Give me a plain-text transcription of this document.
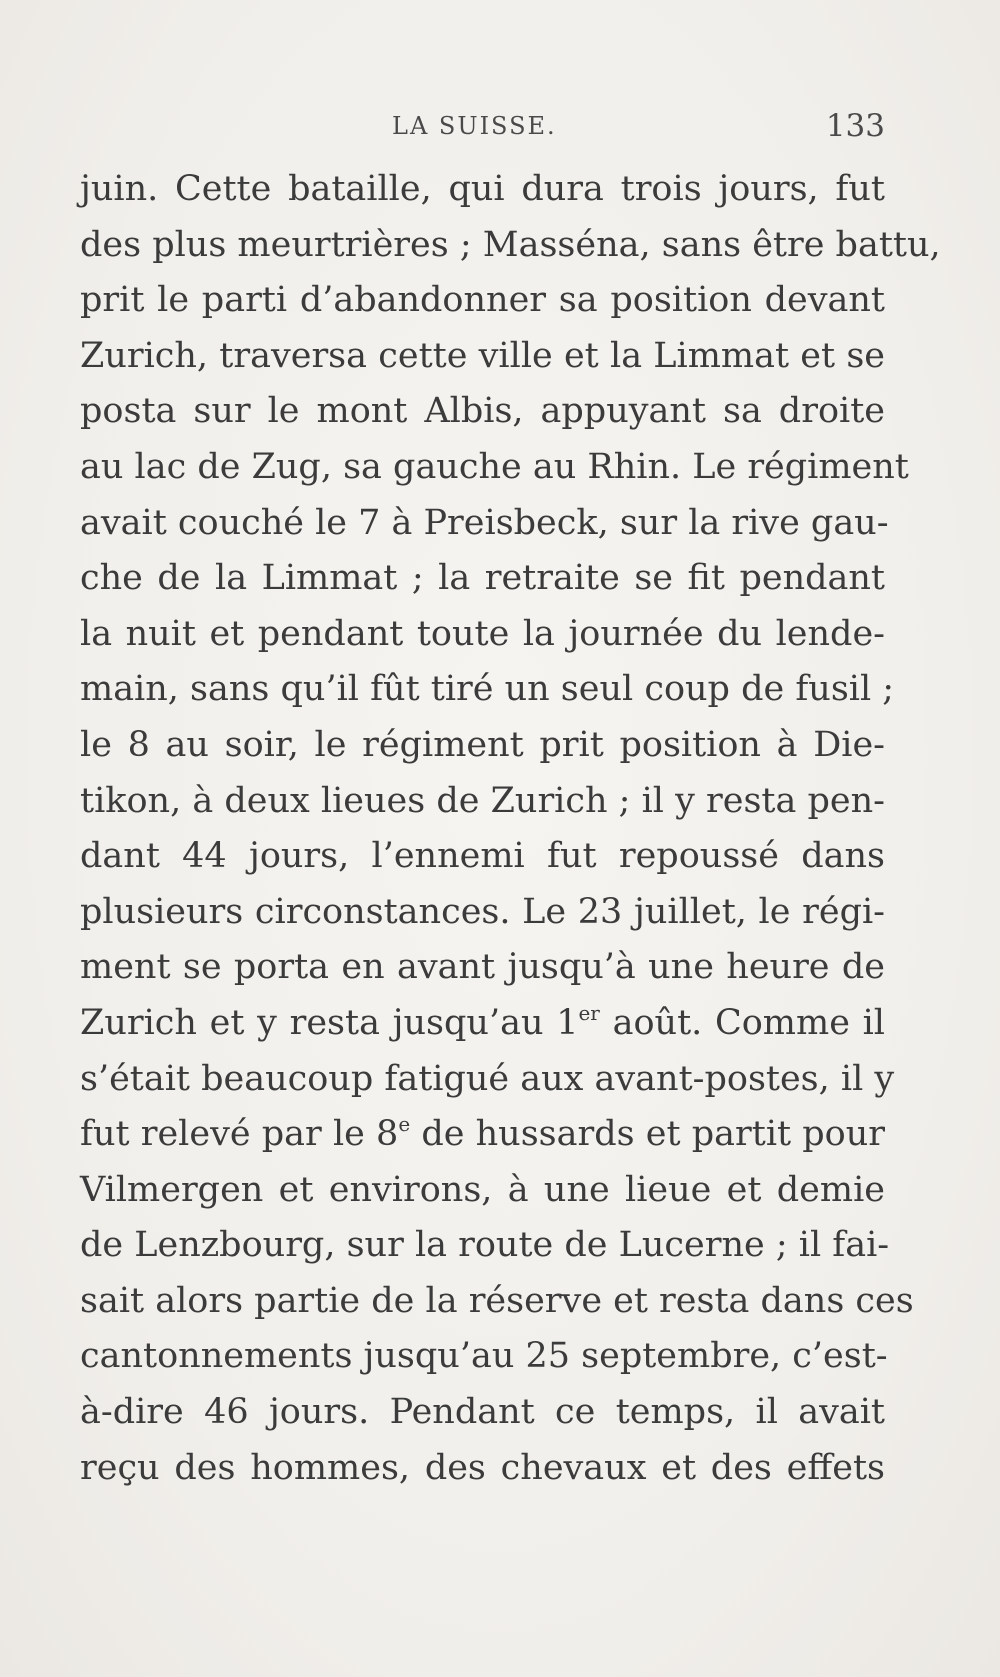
LA SUISSE.	133
juin. Cette bataille, qui dura trois jours, fut
des plus meurtrières ; Masséna, sans être battu,
prit le parti d’abandonner sa position devant
Zurich, traversa cette ville et la Limmat et se
posta sur le mont Albis, appuyant sa droite
au lac de Zug, sa gauche au Rhin. Le régiment
avait couché le 7 à Preisbeck, sur la rive gau-
che de la Limmat ; la retraite se fit pendant
la nuit et pendant toute la journée du lende-
main, sans qu’il fût tiré un seul coup de fusil ;
le 8 au soir, le régiment prit position à Die-
tikon, à deux lieues de Zurich ; il y resta pen-
dant 44 jours, l’ennemi fut repoussé dans
plusieurs circonstances. Le 23 juillet, le régi-
ment se porta en avant jusqu’à une heure de
Zurich et y resta jusqu’au 1er août. Comme il
s’était beaucoup fatigué aux avant-postes, il y
fut relevé par le 8e de hussards et partit pour
Vilmergen et environs, à une lieue et demie
de Lenzbourg, sur la route de Lucerne ; il fai-
sait alors partie de la réserve et resta dans ces
cantonnements jusqu’au 25 septembre, c’est-
à-dire 46 jours. Pendant ce temps, il avait
reçu des hommes, des chevaux et des effets
